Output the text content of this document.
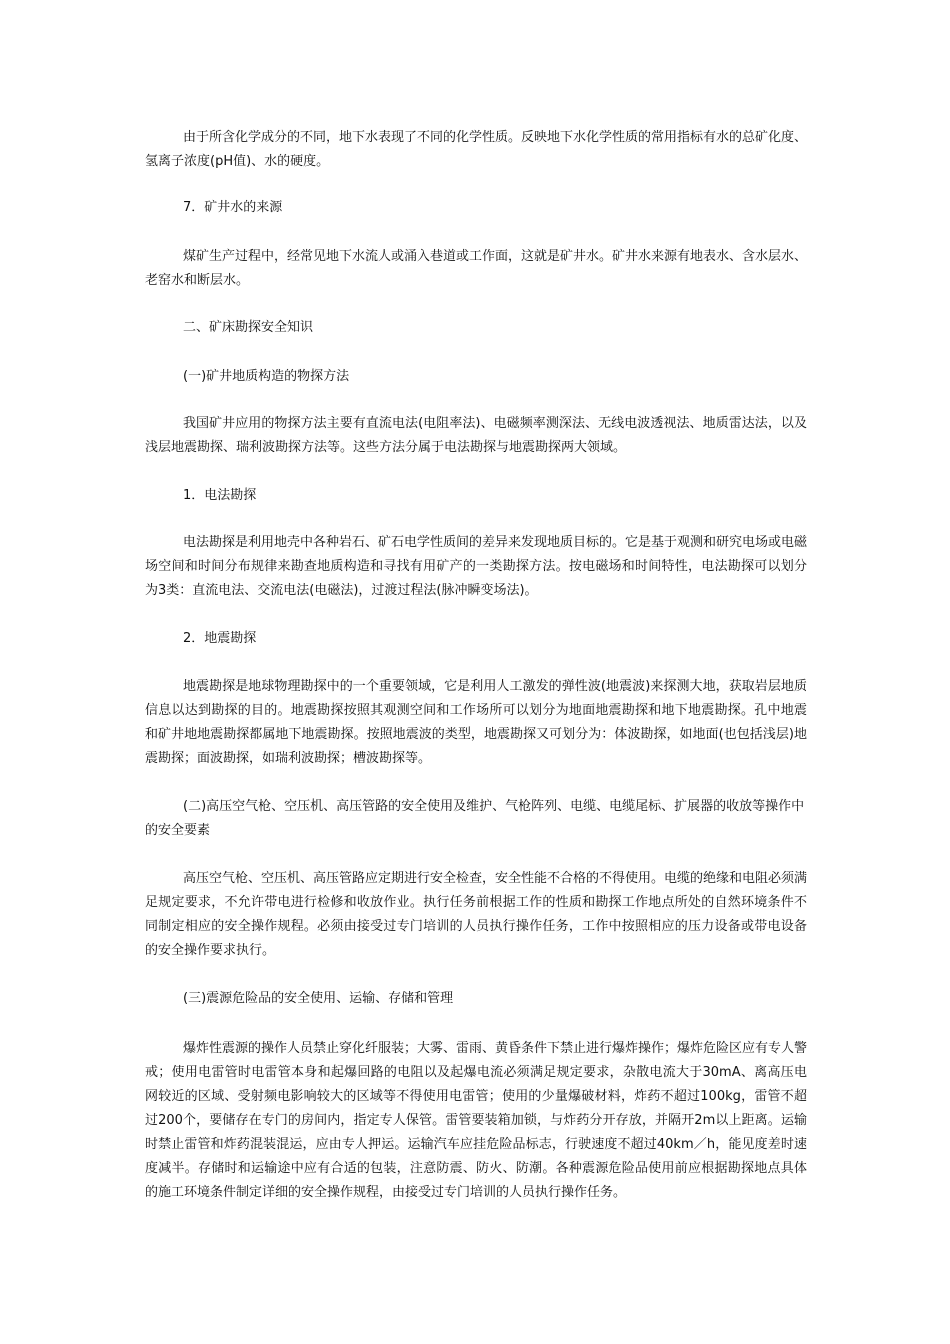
由于所含化学成分的不同，地下水表现了不同的化学性质。反映地下水化学性质的常用指标有水的总矿化度、氢离子浓度(pH值)、水的硬度。

7．矿井水的来源

煤矿生产过程中，经常见地下水流人或涌入巷道或工作面，这就是矿井水。矿井水来源有地表水、含水层水、老窑水和断层水。

二、矿床勘探安全知识

(一)矿井地质构造的物探方法

我国矿井应用的物探方法主要有直流电法(电阻率法)、电磁频率测深法、无线电波透视法、地质雷达法，以及浅层地震勘探、瑞利波勘探方法等。这些方法分属于电法勘探与地震勘探两大领域。

1．电法勘探

电法勘探是利用地壳中各种岩石、矿石电学性质间的差异来发现地质目标的。它是基于观测和研究电场或电磁场空间和时间分布规律来勘查地质构造和寻找有用矿产的一类勘探方法。按电磁场和时间特性，电法勘探可以划分为3类：直流电法、交流电法(电磁法)，过渡过程法(脉冲瞬变场法)。

2．地震勘探

地震勘探是地球物理勘探中的一个重要领域，它是利用人工激发的弹性波(地震波)来探测大地，获取岩层地质信息以达到勘探的目的。地震勘探按照其观测空间和工作场所可以划分为地面地震勘探和地下地震勘探。孔中地震和矿井地地震勘探都属地下地震勘探。按照地震波的类型，地震勘探又可划分为：体波勘探，如地面(也包括浅层)地震勘探；面波勘探，如瑞利波勘探；槽波勘探等。

(二)高压空气枪、空压机、高压管路的安全使用及维护、气枪阵列、电缆、电缆尾标、扩展器的收放等操作中的安全要素

高压空气枪、空压机、高压管路应定期进行安全检查，安全性能不合格的不得使用。电缆的绝缘和电阻必须满足规定要求，不允许带电进行检修和收放作业。执行任务前根据工作的性质和勘探工作地点所处的自然环境条件不同制定相应的安全操作规程。必须由接受过专门培训的人员执行操作任务，工作中按照相应的压力设备或带电设备的安全操作要求执行。

(三)震源危险品的安全使用、运输、存储和管理

爆炸性震源的操作人员禁止穿化纤服装；大雾、雷雨、黄昏条件下禁止进行爆炸操作；爆炸危险区应有专人警戒；使用电雷管时电雷管本身和起爆回路的电阻以及起爆电流必须满足规定要求，杂散电流大于30mA、离高压电网较近的区域、受射频电影响较大的区域等不得使用电雷管；使用的少量爆破材料，炸药不超过100kg，雷管不超过200个，要储存在专门的房间内，指定专人保管。雷管要装箱加锁，与炸药分开存放，并隔开2m以上距离。运输时禁止雷管和炸药混装混运，应由专人押运。运输汽车应挂危险品标志，行驶速度不超过40km／h，能见度差时速度减半。存储时和运输途中应有合适的包装，注意防震、防火、防潮。各种震源危险品使用前应根据勘探地点具体的施工环境条件制定详细的安全操作规程，由接受过专门培训的人员执行操作任务。
